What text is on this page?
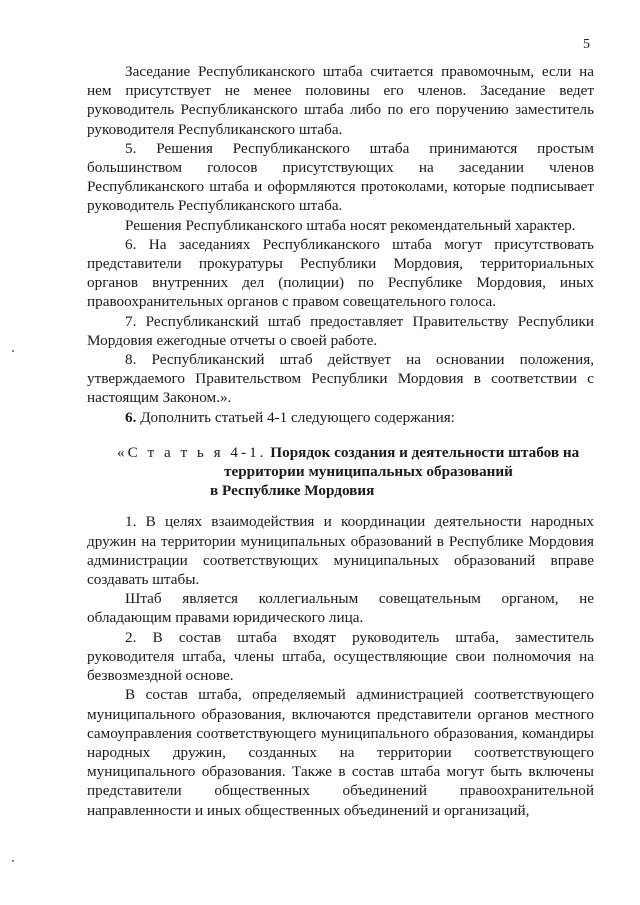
5

Заседание Республиканского штаба считается правомочным, если на нем присутствует не менее половины его членов. Заседание ведет руководитель Республиканского штаба либо по его поручению заместитель руководителя Республиканского штаба.

5. Решения Республиканского штаба принимаются простым большинством голосов присутствующих на заседании членов Республиканского штаба и оформляются протоколами, которые подписывает руководитель Республиканского штаба.

Решения Республиканского штаба носят рекомендательный характер.

6. На заседаниях Республиканского штаба могут присутствовать представители прокуратуры Республики Мордовия, территориальных органов внутренних дел (полиции) по Республике Мордовия, иных правоохранительных органов с правом совещательного голоса.

7. Республиканский штаб предоставляет Правительству Республики Мордовия ежегодные отчеты о своей работе.

8. Республиканский штаб действует на основании положения, утверждаемого Правительством Республики Мордовия в соответствии с настоящим Законом.».

6. Дополнить статьей 4-1 следующего содержания:

«С т а т ь я 4-1. Порядок создания и деятельности штабов на
территории муниципальных образований
в Республике Мордовия

1. В целях взаимодействия и координации деятельности народных дружин на территории муниципальных образований в Республике Мордовия администрации соответствующих муниципальных образований вправе создавать штабы.

Штаб является коллегиальным совещательным органом, не обладающим правами юридического лица.

2. В состав штаба входят руководитель штаба, заместитель руководителя штаба, члены штаба, осуществляющие свои полномочия на безвозмездной основе.

В состав штаба, определяемый администрацией соответствующего муниципального образования, включаются представители органов местного самоуправления соответствующего муниципального образования, командиры народных дружин, созданных на территории соответствующего муниципального образования. Также в состав штаба могут быть включены представители общественных объединений правоохранительной направленности и иных общественных объединений и организаций,
